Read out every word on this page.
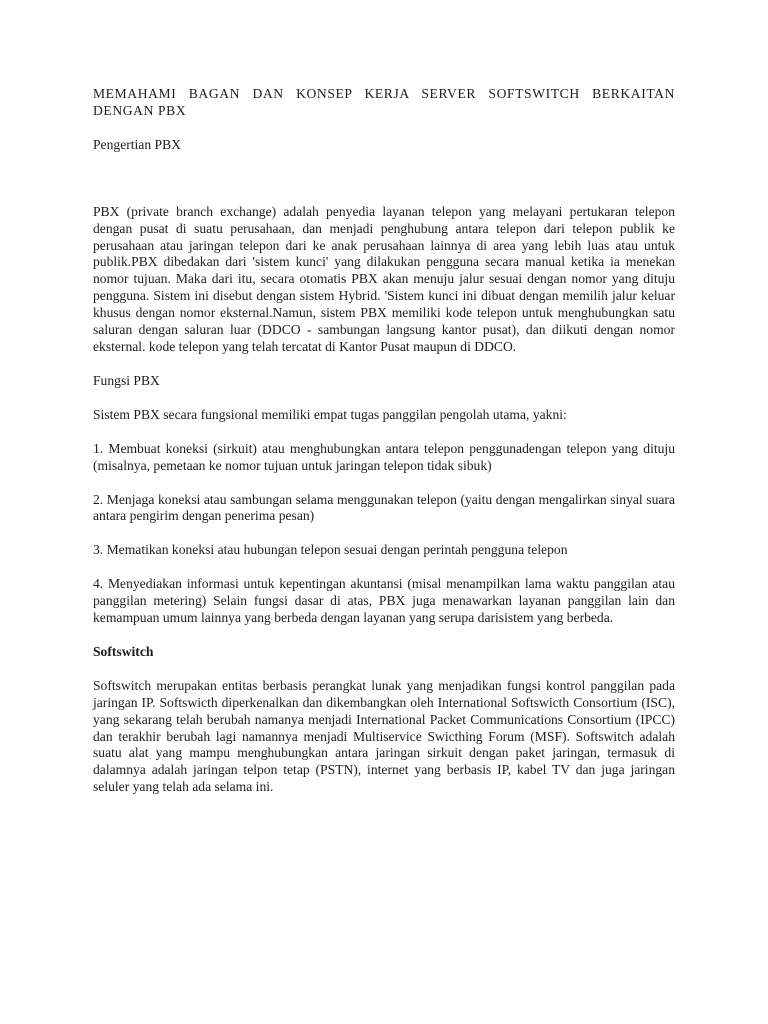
MEMAHAMI BAGAN DAN KONSEP KERJA SERVER SOFTSWITCH BERKAITAN DENGAN PBX

Pengertian PBX

PBX (private branch exchange) adalah penyedia layanan telepon yang melayani pertukaran telepon dengan pusat di suatu perusahaan, dan menjadi penghubung antara telepon dari telepon publik ke perusahaan atau jaringan telepon dari ke anak perusahaan lainnya di area yang lebih luas atau untuk publik.PBX dibedakan dari 'sistem kunci' yang dilakukan pengguna secara manual ketika ia menekan nomor tujuan. Maka dari itu, secara otomatis PBX akan menuju jalur sesuai dengan nomor yang dituju pengguna. Sistem ini disebut dengan sistem Hybrid. 'Sistem kunci ini dibuat dengan memilih jalur keluar khusus dengan nomor eksternal.Namun, sistem PBX memiliki kode telepon untuk menghubungkan satu saluran dengan saluran luar (DDCO - sambungan langsung kantor pusat), dan diikuti dengan nomor eksternal. kode telepon yang telah tercatat di Kantor Pusat maupun di DDCO.

Fungsi PBX

Sistem PBX secara fungsional memiliki empat tugas panggilan pengolah utama, yakni:

1. Membuat koneksi (sirkuit) atau menghubungkan antara telepon penggunadengan telepon yang dituju (misalnya, pemetaan ke nomor tujuan untuk jaringan telepon tidak sibuk)

2. Menjaga koneksi atau sambungan selama menggunakan telepon (yaitu dengan mengalirkan sinyal suara antara pengirim dengan penerima pesan)

3. Mematikan koneksi atau hubungan telepon sesuai dengan perintah pengguna telepon

4. Menyediakan informasi untuk kepentingan akuntansi (misal menampilkan lama waktu panggilan atau panggilan metering) Selain fungsi dasar di atas, PBX juga menawarkan layanan panggilan lain dan kemampuan umum lainnya yang berbeda dengan layanan yang serupa darisistem yang berbeda.

Softswitch

Softswitch merupakan entitas berbasis perangkat lunak yang menjadikan fungsi kontrol panggilan pada jaringan IP. Softswicth diperkenalkan dan dikembangkan oleh International Softswicth Consortium (ISC), yang sekarang telah berubah namanya menjadi International Packet Communications Consortium (IPCC) dan terakhir berubah lagi namannya menjadi Multiservice Swicthing Forum (MSF). Softswitch adalah suatu alat yang mampu menghubungkan antara jaringan sirkuit dengan paket jaringan, termasuk di dalamnya adalah jaringan telpon tetap (PSTN), internet yang berbasis IP, kabel TV dan juga jaringan seluler yang telah ada selama ini.
